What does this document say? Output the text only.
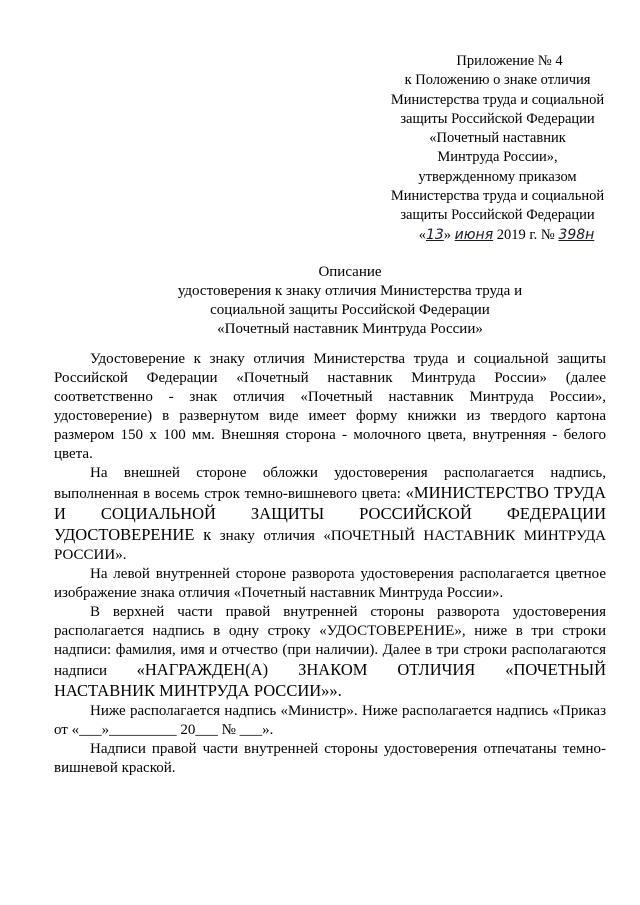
Приложение № 4
к Положению о знаке отличия
Министерства труда и социальной
защиты Российской Федерации
«Почетный наставник
Минтруда России»,
утвержденному приказом
Министерства труда и социальной
защиты Российской Федерации
«13» июня 2019 г. № 398н
Описание
удостоверения к знаку отличия Министерства труда и
социальной защиты Российской Федерации
«Почетный наставник Минтруда России»

Удостоверение к знаку отличия Министерства труда и социальной защиты Российской Федерации «Почетный наставник Минтруда России» (далее соответственно - знак отличия «Почетный наставник Минтруда России», удостоверение) в развернутом виде имеет форму книжки из твердого картона размером 150 х 100 мм. Внешняя сторона - молочного цвета, внутренняя - белого цвета.

На внешней стороне обложки удостоверения располагается надпись, выполненная в восемь строк темно-вишневого цвета: «МИНИСТЕРСТВО ТРУДА И СОЦИАЛЬНОЙ ЗАЩИТЫ РОССИЙСКОЙ ФЕДЕРАЦИИ УДОСТОВЕРЕНИЕ к знаку отличия «ПОЧЕТНЫЙ НАСТАВНИК МИНТРУДА РОССИИ».

На левой внутренней стороне разворота удостоверения располагается цветное изображение знака отличия «Почетный наставник Минтруда России».

В верхней части правой внутренней стороны разворота удостоверения располагается надпись в одну строку «УДОСТОВЕРЕНИЕ», ниже в три строки надписи: фамилия, имя и отчество (при наличии). Далее в три строки располагаются надписи «НАГРАЖДЕН(А) ЗНАКОМ ОТЛИЧИЯ «ПОЧЕТНЫЙ НАСТАВНИК МИНТРУДА РОССИИ»».

Ниже располагается надпись «Министр». Ниже располагается надпись «Приказ от «___»_________ 20___ № ___».

Надписи правой части внутренней стороны удостоверения отпечатаны темно-вишневой краской.
